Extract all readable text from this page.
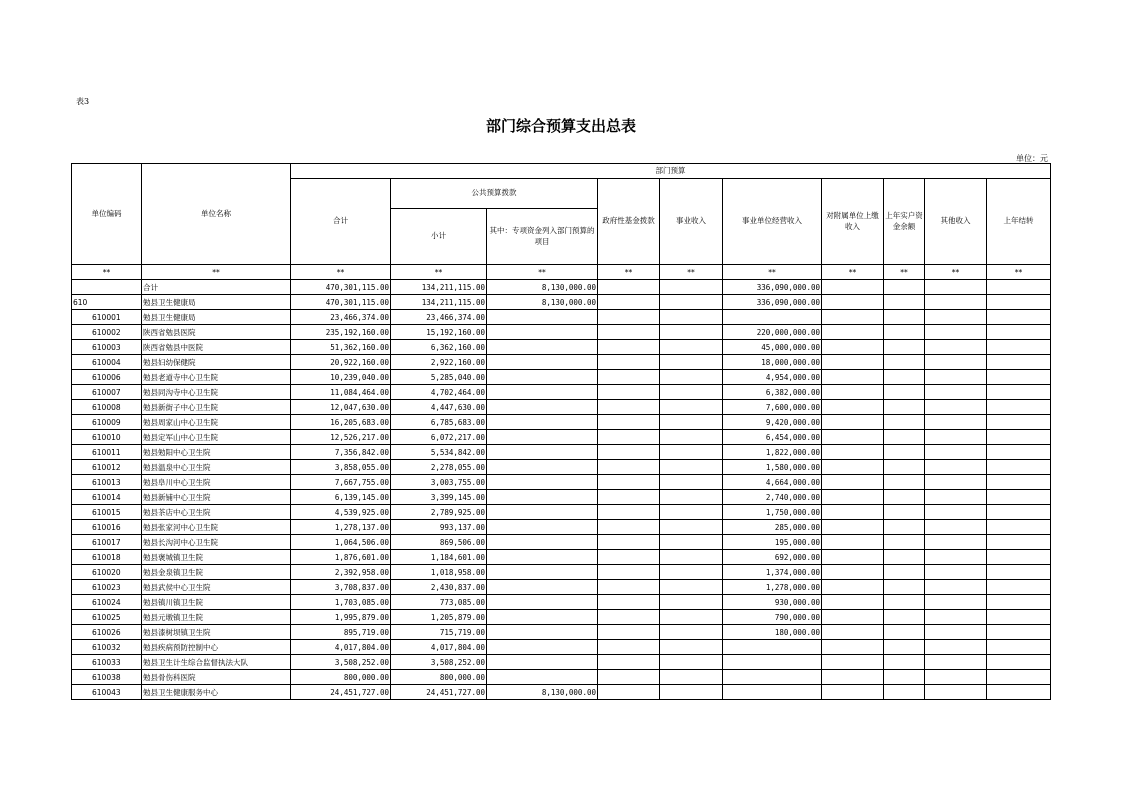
表3
部门综合预算支出总表
单位：元
单位编码	单位名称	部门预算									
		合计	公共预算拨款		政府性基金拨款	事业收入	事业单位经营收入	对附属单位上缴收入	上年实户资金余额	其他收入	上年结转
			小计	其中：专项资金列入部门预算的项目							
**	**	**	**	**	**	**	**	**	**	**	**
	合计	470,301,115.00	134,211,115.00	8,130,000.00			336,090,000.00				
610	勉县卫生健康局	470,301,115.00	134,211,115.00	8,130,000.00			336,090,000.00				
610001	勉县卫生健康局	23,466,374.00	23,466,374.00								
610002	陕西省勉县医院	235,192,160.00	15,192,160.00				220,000,000.00				
610003	陕西省勉县中医院	51,362,160.00	6,362,160.00				45,000,000.00				
610004	勉县妇幼保健院	20,922,160.00	2,922,160.00				18,000,000.00				
610006	勉县老道寺中心卫生院	10,239,040.00	5,285,040.00				4,954,000.00				
610007	勉县同沟寺中心卫生院	11,084,464.00	4,702,464.00				6,382,000.00				
610008	勉县新街子中心卫生院	12,047,630.00	4,447,630.00				7,600,000.00				
610009	勉县周家山中心卫生院	16,205,683.00	6,785,683.00				9,420,000.00				
610010	勉县定军山中心卫生院	12,526,217.00	6,072,217.00				6,454,000.00				
610011	勉县勉阳中心卫生院	7,356,842.00	5,534,842.00				1,822,000.00				
610012	勉县温泉中心卫生院	3,858,055.00	2,278,055.00				1,580,000.00				
610013	勉县阜川中心卫生院	7,667,755.00	3,003,755.00				4,664,000.00				
610014	勉县新铺中心卫生院	6,139,145.00	3,399,145.00				2,740,000.00				
610015	勉县茶店中心卫生院	4,539,925.00	2,789,925.00				1,750,000.00				
610016	勉县张家河中心卫生院	1,278,137.00	993,137.00				285,000.00				
610017	勉县长沟河中心卫生院	1,064,506.00	869,506.00				195,000.00				
610018	勉县褒城镇卫生院	1,876,601.00	1,184,601.00				692,000.00				
610020	勉县金泉镇卫生院	2,392,958.00	1,018,958.00				1,374,000.00				
610023	勉县武侯中心卫生院	3,708,837.00	2,430,837.00				1,278,000.00				
610024	勉县镇川镇卫生院	1,703,085.00	773,085.00				930,000.00				
610025	勉县元墩镇卫生院	1,995,879.00	1,205,879.00				790,000.00				
610026	勉县漆树坝镇卫生院	895,719.00	715,719.00				180,000.00				
610032	勉县疾病预防控制中心	4,017,804.00	4,017,804.00								
610033	勉县卫生计生综合监督执法大队	3,508,252.00	3,508,252.00								
610038	勉县骨伤科医院	800,000.00	800,000.00								
610043	勉县卫生健康服务中心	24,451,727.00	24,451,727.00	8,130,000.00							
